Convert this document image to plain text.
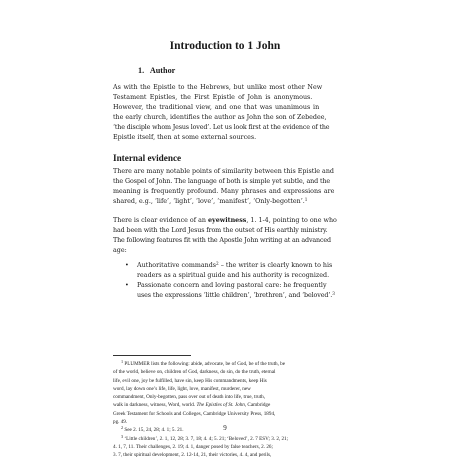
Introduction to 1 John
1. Author

As with the Epistle to the Hebrews, but unlike most other New

Testament Epistles, the First Epistle of John is anonymous.

However, the traditional view, and one that was unanimous in

the early church, identifies the author as John the son of Zebedee,

‘the disciple whom Jesus loved’. Let us look first at the evidence of the

Epistle itself, then at some external sources.

Internal evidence

There are many notable points of similarity between this Epistle and

the Gospel of John. The language of both is simple yet subtle, and the

meaning is frequently profound. Many phrases and expressions are

shared, e.g., ‘life’, ‘light’, ‘love’, ‘manifest’, ‘Only-begotten’.$^1$

There is clear evidence of an eyewitness, 1. 1-4, pointing to one who

had been with the Lord Jesus from the outset of His earthly ministry.

The following features fit with the Apostle John writing at an advanced

age:

• Authoritative commands$^2$ – the writer is clearly known to his
readers as a spiritual guide and his authority is recognized.
• Passionate concern and loving pastoral care: he frequently
uses the expressions ‘little children’, ‘brethren’, and ‘beloved’.$^3$

$^1$ PLUMMER lists the following: abide, advocate, be of God, be of the truth, be

of the world, believe on, children of God, darkness, do sin, do the truth, eternal

life, evil one, joy be fulfilled, have sin, keep His commandments, keep His

word, lay down one’s life, life, light, love, manifest, murderer, new

commandment, Only-begotten, pass over out of death into life, true, truth,

walk in darkness, witness, Word, world. The Epistles of St. John, Cambridge

Greek Testament for Schools and Colleges, Cambridge University Press, 1894,

pg. 49.

$^2$ See 2. 15, 24, 28; 4. 1; 5. 21.

$^3$ ‘Little children’, 2. 1, 12, 28; 3. 7, 18; 4. 4; 5. 21; ‘Beloved’, 2. 7 ESV; 3. 2, 21;

4. 1, 7, 11. Their challenges, 2. 19; 4. 1, danger posed by false teachers, 2. 26;

3. 7, their spiritual development, 2. 12-14, 21, their victories, 4. 4, and perils,

9
